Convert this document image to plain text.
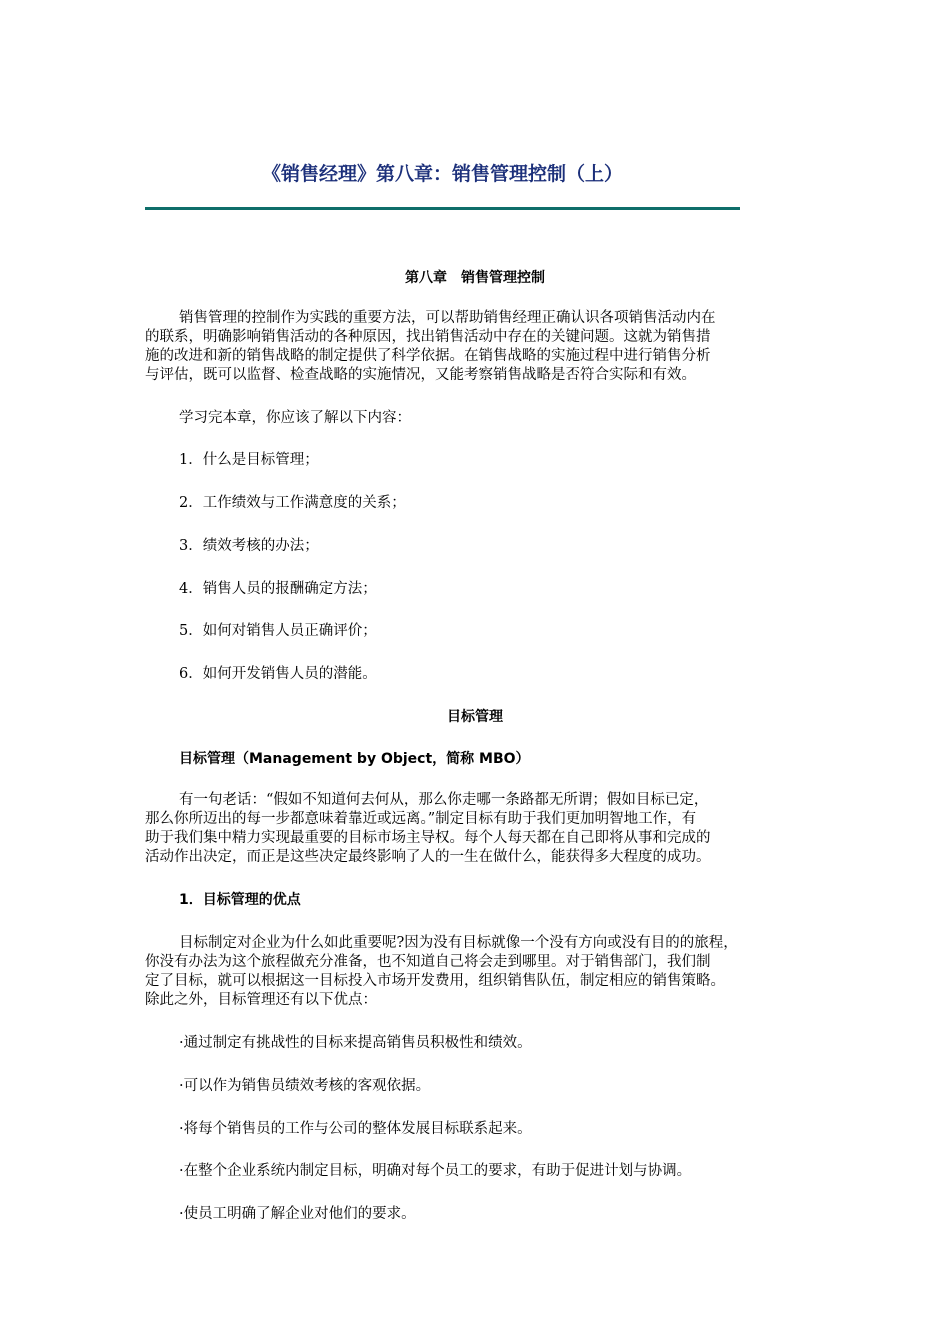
《销售经理》第八章：销售管理控制（上）
第八章　销售管理控制
销售管理的控制作为实践的重要方法，可以帮助销售经理正确认识各项销售活动内在
的联系，明确影响销售活动的各种原因，找出销售活动中存在的关键问题。这就为销售措
施的改进和新的销售战略的制定提供了科学依据。在销售战略的实施过程中进行销售分析
与评估，既可以监督、检查战略的实施情况，又能考察销售战略是否符合实际和有效。
学习完本章，你应该了解以下内容：
1．什么是目标管理；
2．工作绩效与工作满意度的关系；
3．绩效考核的办法；
4．销售人员的报酬确定方法；
5．如何对销售人员正确评价；
6．如何开发销售人员的潜能。
目标管理
目标管理（Management by Object，简称 MBO）
有一句老话：“假如不知道何去何从，那么你走哪一条路都无所谓；假如目标已定，
那么你所迈出的每一步都意味着靠近或远离。”制定目标有助于我们更加明智地工作，有
助于我们集中精力实现最重要的目标市场主导权。每个人每天都在自己即将从事和完成的
活动作出决定，而正是这些决定最终影响了人的一生在做什么，能获得多大程度的成功。
1．目标管理的优点
目标制定对企业为什么如此重要呢?因为没有目标就像一个没有方向或没有目的的旅程，
你没有办法为这个旅程做充分准备，也不知道自己将会走到哪里。对于销售部门，我们制
定了目标，就可以根据这一目标投入市场开发费用，组织销售队伍，制定相应的销售策略。
除此之外，目标管理还有以下优点：
·通过制定有挑战性的目标来提高销售员积极性和绩效。
·可以作为销售员绩效考核的客观依据。
·将每个销售员的工作与公司的整体发展目标联系起来。
·在整个企业系统内制定目标，明确对每个员工的要求，有助于促进计划与协调。
·使员工明确了解企业对他们的要求。
